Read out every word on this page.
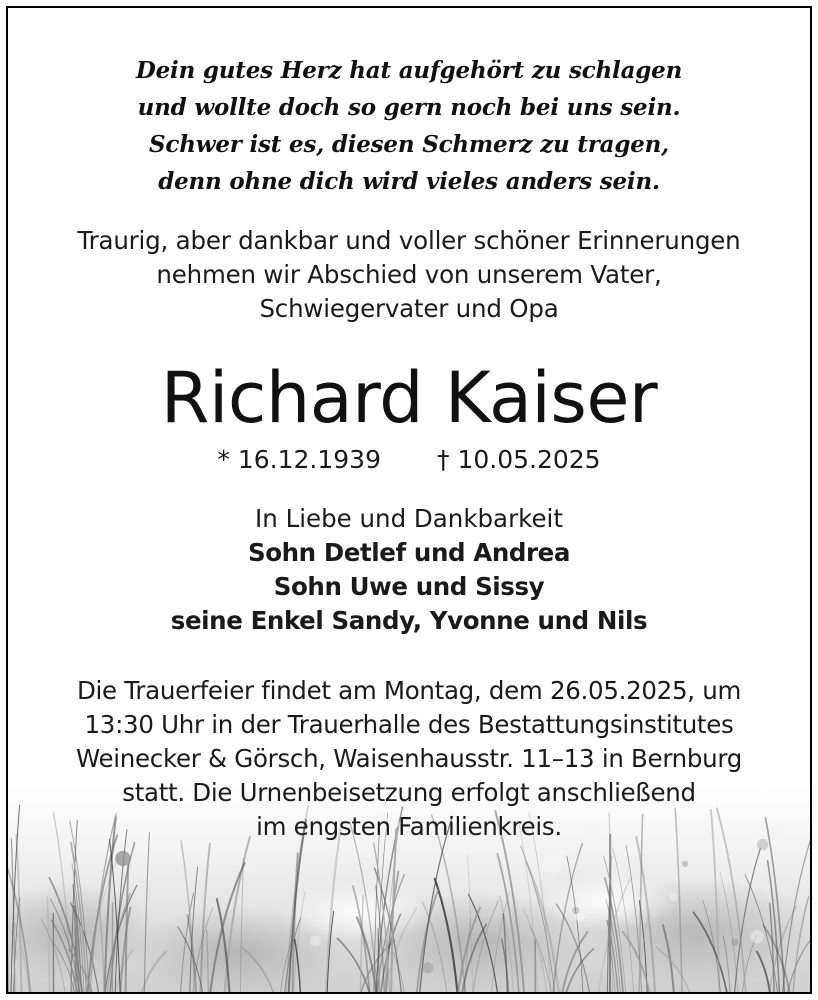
Dein gutes Herz hat aufgehört zu schlagen
und wollte doch so gern noch bei uns sein.
Schwer ist es, diesen Schmerz zu tragen,
denn ohne dich wird vieles anders sein.
Traurig, aber dankbar und voller schöner Erinnerungen
nehmen wir Abschied von unserem Vater,
Schwiegervater und Opa
Richard Kaiser
* 16.12.1939 † 10.05.2025
In Liebe und Dankbarkeit
Sohn Detlef und Andrea
Sohn Uwe und Sissy
seine Enkel Sandy, Yvonne und Nils
Die Trauerfeier findet am Montag, dem 26.05.2025, um
13:30 Uhr in der Trauerhalle des Bestattungsinstitutes
Weinecker & Görsch, Waisenhausstr. 11–13 in Bernburg
statt. Die Urnenbeisetzung erfolgt anschließend
im engsten Familienkreis.
